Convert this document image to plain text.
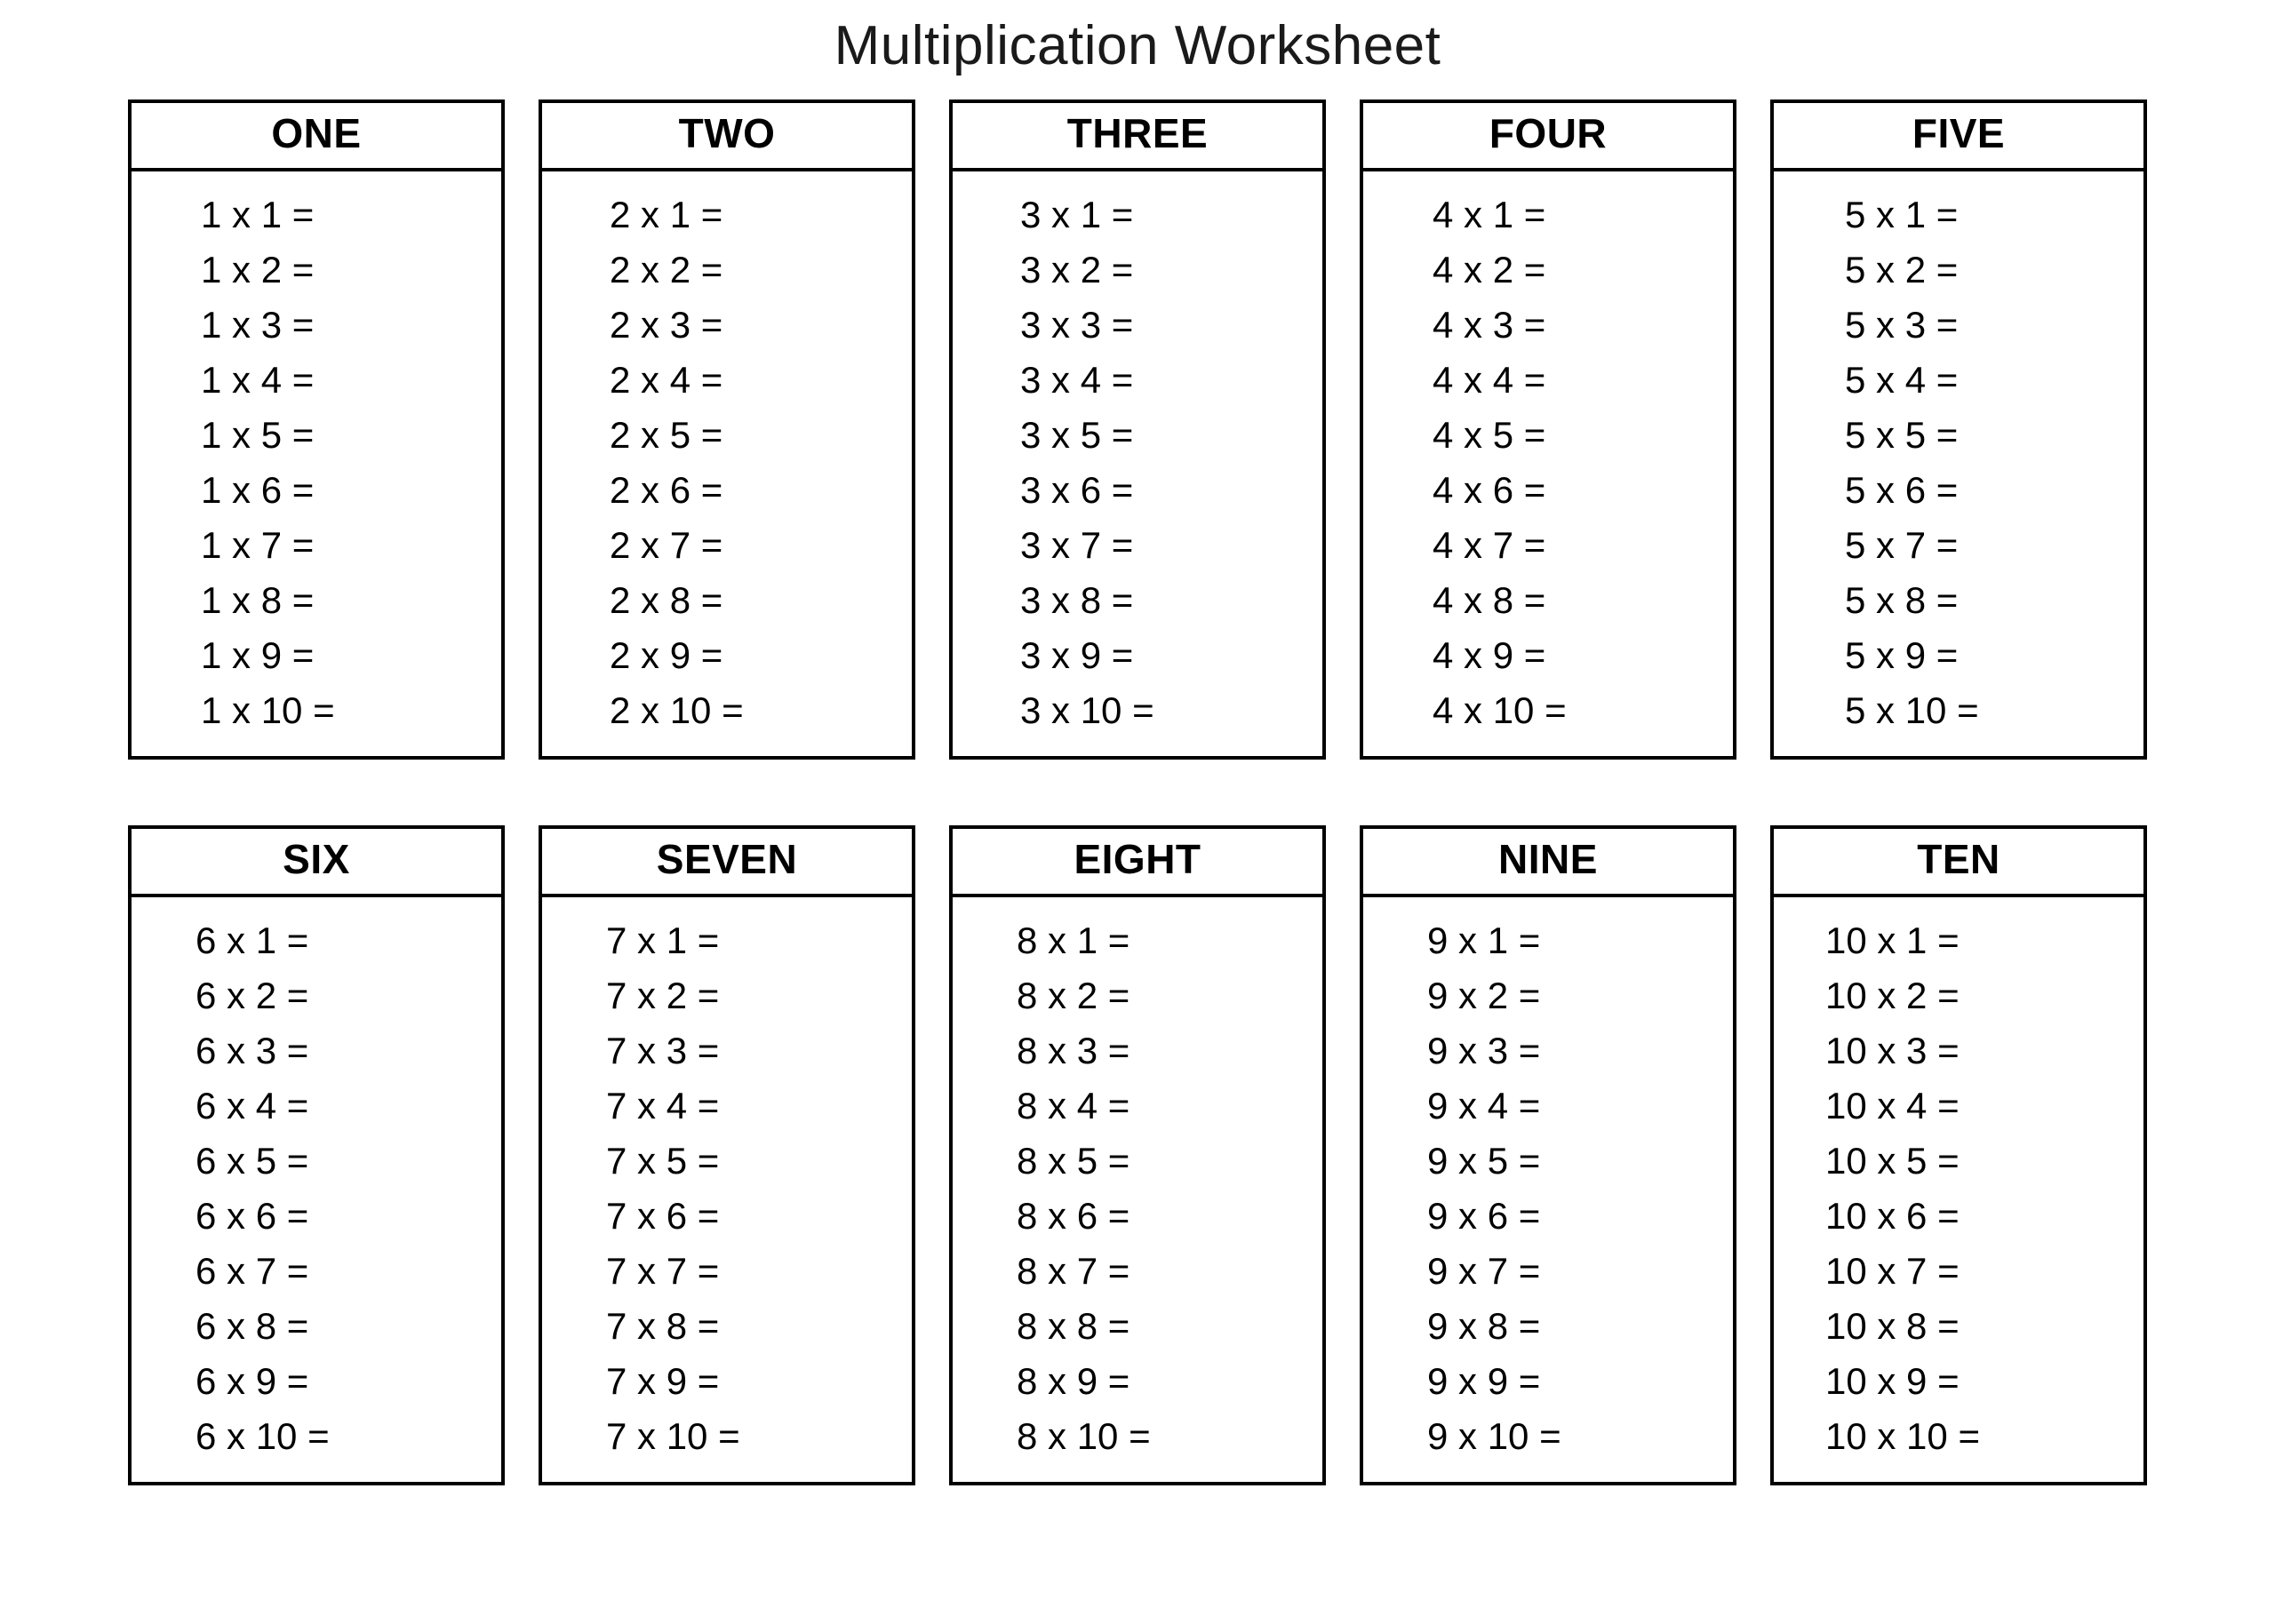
Multiplication Worksheet
ONE
1 x 1 =
1 x 2 =
1 x 3 =
1 x 4 =
1 x 5 =
1 x 6 =
1 x 7 =
1 x 8 =
1 x 9 =
1 x 10 =
TWO
2 x 1 =
2 x 2 =
2 x 3 =
2 x 4 =
2 x 5 =
2 x 6 =
2 x 7 =
2 x 8 =
2 x 9 =
2 x 10 =
THREE
3 x 1 =
3 x 2 =
3 x 3 =
3 x 4 =
3 x 5 =
3 x 6 =
3 x 7 =
3 x 8 =
3 x 9 =
3 x 10 =
FOUR
4 x 1 =
4 x 2 =
4 x 3 =
4 x 4 =
4 x 5 =
4 x 6 =
4 x 7 =
4 x 8 =
4 x 9 =
4 x 10 =
FIVE
5 x 1 =
5 x 2 =
5 x 3 =
5 x 4 =
5 x 5 =
5 x 6 =
5 x 7 =
5 x 8 =
5 x 9 =
5 x 10 =
SIX
6 x 1 =
6 x 2 =
6 x 3 =
6 x 4 =
6 x 5 =
6 x 6 =
6 x 7 =
6 x 8 =
6 x 9 =
6 x 10 =
SEVEN
7 x 1 =
7 x 2 =
7 x 3 =
7 x 4 =
7 x 5 =
7 x 6 =
7 x 7 =
7 x 8 =
7 x 9 =
7 x 10 =
EIGHT
8 x 1 =
8 x 2 =
8 x 3 =
8 x 4 =
8 x 5 =
8 x 6 =
8 x 7 =
8 x 8 =
8 x 9 =
8 x 10 =
NINE
9 x 1 =
9 x 2 =
9 x 3 =
9 x 4 =
9 x 5 =
9 x 6 =
9 x 7 =
9 x 8 =
9 x 9 =
9 x 10 =
TEN
10 x 1 =
10 x 2 =
10 x 3 =
10 x 4 =
10 x 5 =
10 x 6 =
10 x 7 =
10 x 8 =
10 x 9 =
10 x 10 =
